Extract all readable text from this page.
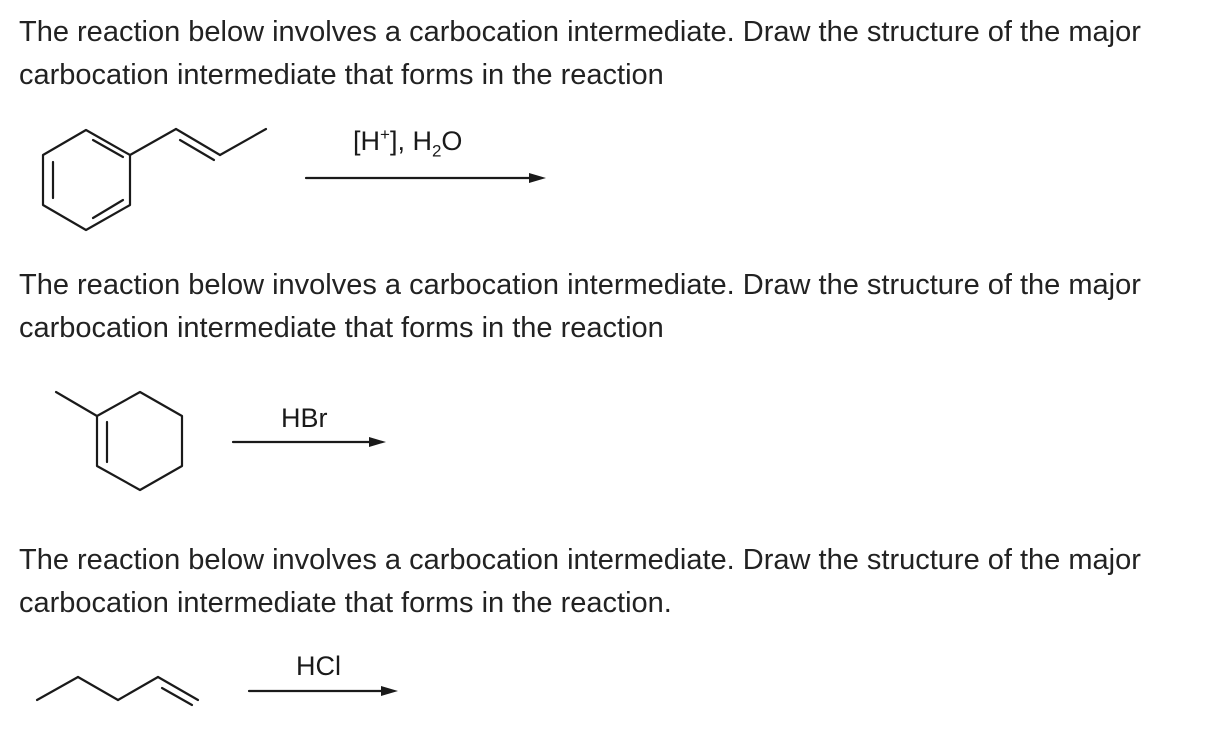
The reaction below involves a carbocation intermediate. Draw the structure of the major carbocation intermediate that forms in the reaction

[H+], $H_2O$

The reaction below involves a carbocation intermediate. Draw the structure of the major carbocation intermediate that forms in the reaction

HBr

The reaction below involves a carbocation intermediate. Draw the structure of the major carbocation intermediate that forms in the reaction.

HCl
